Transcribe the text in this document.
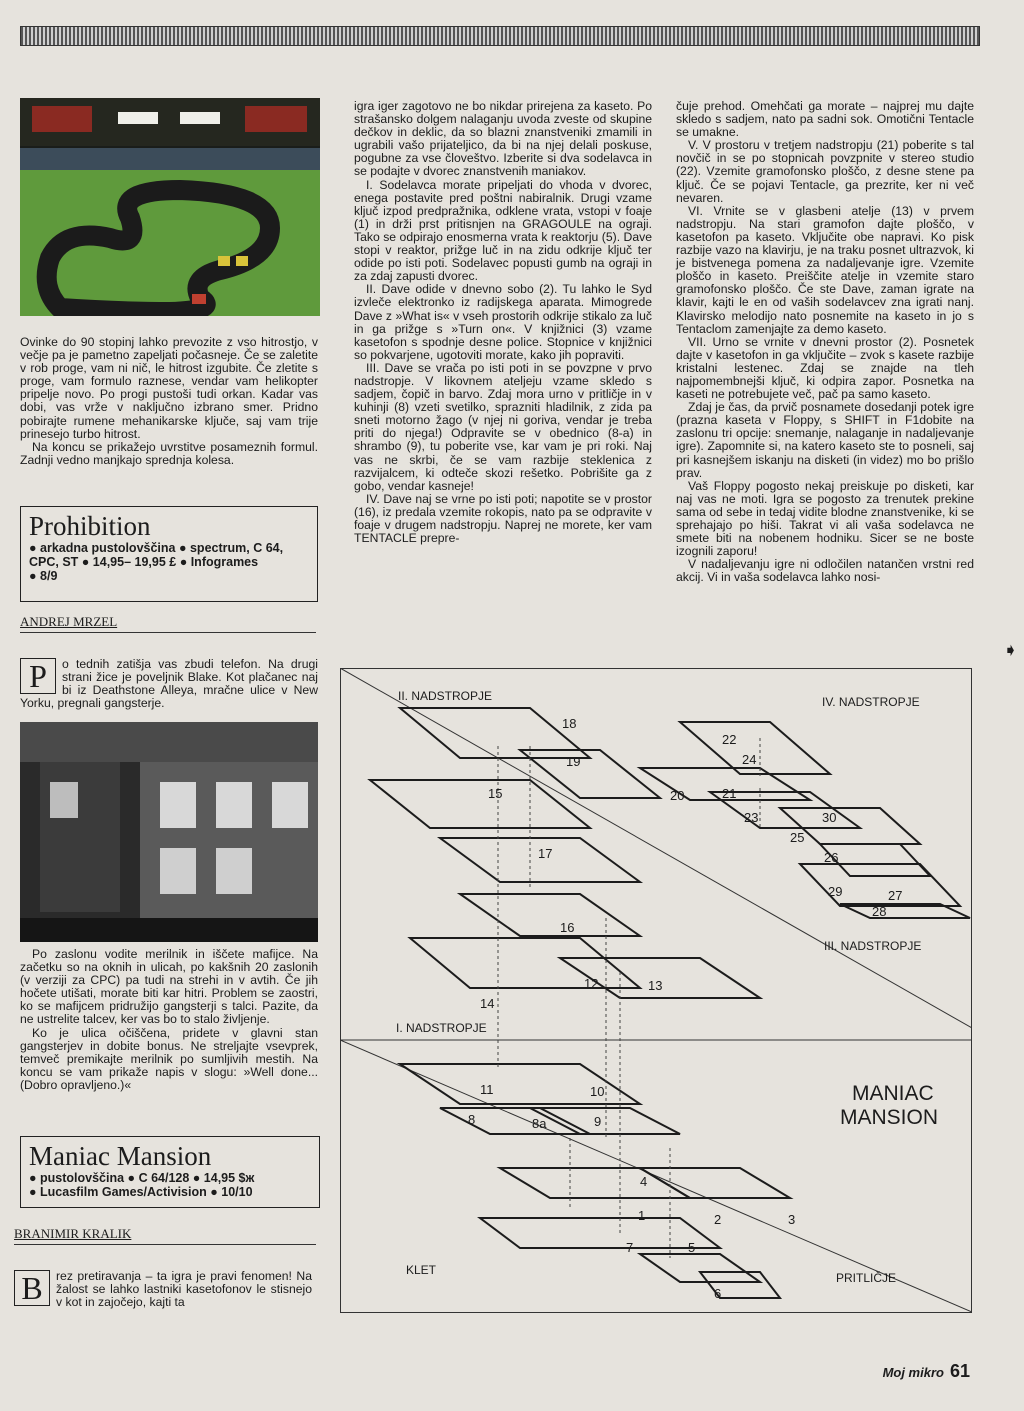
Ovinke do 90 stopinj lahko prevozite z vso hitrostjo, v večje pa je pametno zapeljati počasneje. Če se zaletite v rob proge, vam ni nič, le hitrost izgubite. Če zletite s proge, vam formulo raznese, vendar vam helikopter pripelje novo. Po progi pustoši tudi orkan. Kadar vas dobi, vas vrže v naključno izbrano smer. Pridno pobirajte rumene mehanikarske ključe, saj vam trije prinesejo turbo hitrost.

Na koncu se prikažejo uvrstitve posameznih formul. Zadnji vedno manjkajo sprednja kolesa.

Prohibition
● arkadna pustolovščina ● spectrum, C 64,
CPC, ST ● 14,95– 19,95 £ ● Infogrames
● 8/9
ANDREJ MRZEL
P	o tednih zatišja vas zbudi telefon. Na drugi strani žice je poveljnik Blake. Kot plačanec naj bi iz Deathstone Alleya, mračne ulice v New Yorku, pregnali gangsterje.

Po zaslonu vodite merilnik in iščete mafijce. Na začetku so na oknih in ulicah, po kakšnih 20 zaslonih (v verziji za CPC) pa tudi na strehi in v avtih. Če jih hočete utišati, morate biti kar hitri. Problem se zaostri, ko se mafijcem pridružijo gangsterji s talci. Pazite, da ne ustrelite talcev, ker vas bo to stalo življenje.

Ko je ulica očiščena, pridete v glavni stan gangsterjev in dobite bonus. Ne streljajte vsevprek, temveč premikajte merilnik po sumljivih mestih. Na koncu se vam prikaže napis v slogu: »Well done...(Dobro opravljeno.)«

Maniac Mansion
● pustolovščina ● C 64/128 ● 14,95 $ж
● Lucasfilm Games/Activision ● 10/10
BRANIMIR KRALIK
B	rez pretiravanja – ta igra je pravi fenomen! Na žalost se lahko lastniki kasetofonov le stisnejo v kot in zajočejo, kajti ta

igra iger zagotovo ne bo nikdar prirejena za kaseto. Po strašansko dolgem nalaganju uvoda zveste od skupine dečkov in deklic, da so blazni znanstveniki zmamili in ugrabili vašo prijateljico, da bi na njej delali poskuse, pogubne za vse človeštvo. Izberite si dva sodelavca in se podajte v dvorec znanstvenih maniakov.

I. Sodelavca morate pripeljati do vhoda v dvorec, enega postavite pred poštni nabiralnik. Drugi vzame ključ izpod predpražnika, odklene vrata, vstopi v foaje (1) in drži prst pritisnjen na GRAGOULE na ograji. Tako se odpirajo enosmerna vrata k reaktorju (5). Dave stopi v reaktor, prižge luč in na zidu odkrije ključ ter odide po isti poti. Sodelavec popusti gumb na ograji in za zdaj zapusti dvorec.

II. Dave odide v dnevno sobo (2). Tu lahko le Syd izvleče elektronko iz radijskega aparata. Mimogrede Dave z »What is« v vseh prostorih odkrije stikalo za luč in ga prižge s »Turn on«. V knjižnici (3) vzame kasetofon s spodnje desne police. Stopnice v knjižnici so pokvarjene, ugotoviti morate, kako jih popraviti.

III. Dave se vrača po isti poti in se povzpne v prvo nadstropje. V likovnem ateljeju vzame skledo s sadjem, čopič in barvo. Zdaj mora urno v pritličje in v kuhinji (8) vzeti svetilko, sprazniti hladilnik, z zida pa sneti motorno žago (v njej ni goriva, vendar je treba priti do njega!) Odpravite se v obednico (8-a) in shrambo (9), tu poberite vse, kar vam je pri roki. Naj vas ne skrbi, če se vam razbije steklenica z razvijalcem, ki odteče skozi rešetko. Pobrišite ga z gobo, vendar kasneje!

IV. Dave naj se vrne po isti poti; napotite se v prostor (16), iz predala vzemite rokopis, nato pa se odpravite v foaje v drugem nadstropju. Naprej ne morete, ker vam TENTACLE prepre-

čuje prehod. Omehčati ga morate – najprej mu dajte skledo s sadjem, nato pa sadni sok. Omotični Tentacle se umakne.

V. V prostoru v tretjem nadstropju (21) poberite s tal novčič in se po stopnicah povzpnite v stereo studio (22). Vzemite gramofonsko ploščo, z desne stene pa ključ. Če se pojavi Tentacle, ga prezrite, ker ni več nevaren.

VI. Vrnite se v glasbeni atelje (13) v prvem nadstropju. Na stari gramofon dajte ploščo, v kasetofon pa kaseto. Vključite obe napravi. Ko pisk razbije vazo na klavirju, je na traku posnet ultrazvok, ki je bistvenega pomena za nadaljevanje igre. Vzemite ploščo in kaseto. Preiščite atelje in vzemite staro gramofonsko ploščo. Če ste Dave, zaman igrate na klavir, kajti le en od vaših sodelavcev zna igrati nanj. Klavirsko melodijo nato posnemite na kaseto in jo s Tentaclom zamenjajte za demo kaseto.

VII. Urno se vrnite v dnevni prostor (2). Posnetek dajte v kasetofon in ga vključite – zvok s kasete razbije kristalni lestenec. Zdaj se znajde na tleh najpomembnejši ključ, ki odpira zapor. Posnetka na kaseti ne potrebujete več, pač pa samo kaseto.

Zdaj je čas, da prvič posnamete dosedanji potek igre (prazna kaseta v Floppy, s SHIFT in F1dobite na zaslonu tri opcije: snemanje, nalaganje in nadaljevanje igre). Zapomnite si, na katero kaseto ste to posneli, saj pri kasnejšem iskanju na disketi (in videz) mo bo prišlo prav.

Vaš Floppy pogosto nekaj preiskuje po disketi, kar naj vas ne moti. Igra se pogosto za trenutek prekine sama od sebe in tedaj vidite blodne znanstvenike, ki se sprehajajo po hiši. Takrat vi ali vaša sodelavca ne smete biti na nobenem hodniku. Sicer se ne boste izognili zaporu!

V nadaljevanju igre ni odločilen natančen vrstni red akcij. Vi in vaša sodelavca lahko nosi-

➧
18
19
15
17
16
14
12	13
22
24
20	21
23	30
25
26
29	27
28
11	10
8	8a	9
4
1	2	3
7	5
6
II. NADSTROPJE	IV. NADSTROPJE
III. NADSTROPJE
I. NADSTROPJE
KLET
PRITLIČJE
MANIAC
MANSION
Moj mikro 61
